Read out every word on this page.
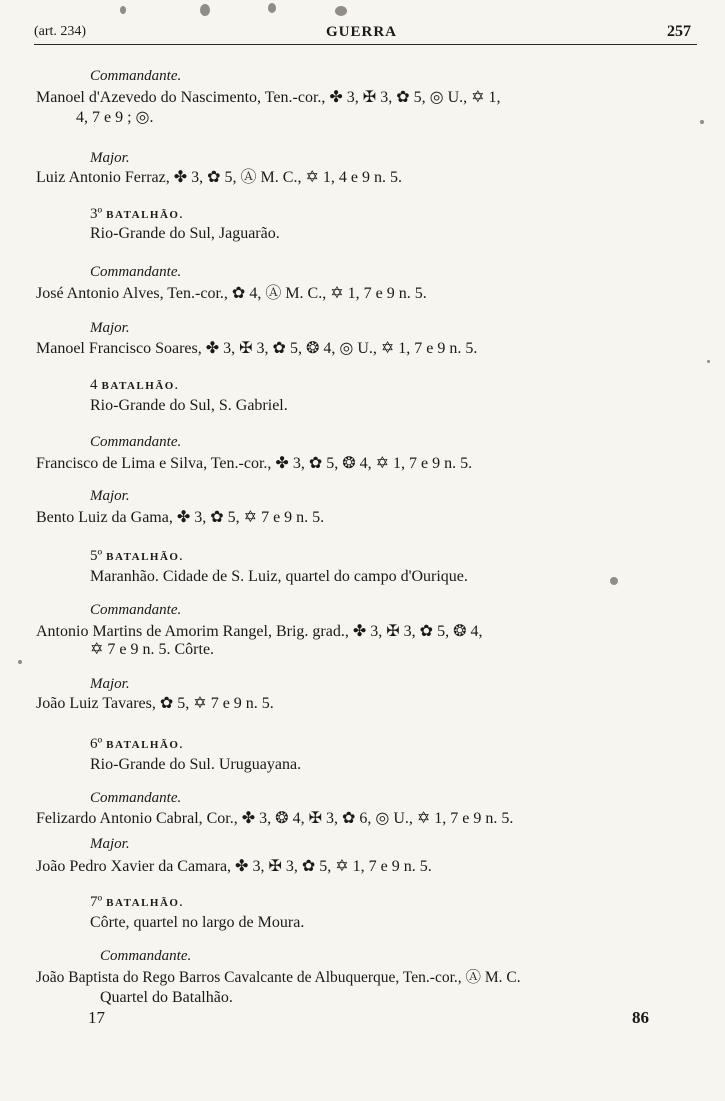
(art. 234)	GUERRA	257
Commandante.
Manoel d'Azevedo do Nascimento, Ten.-cor., ✤ 3, ✠ 3, ✿ 5, ◎ U., ✡ 1,
4, 7 e 9 ; ◎.
Major.
Luiz Antonio Ferraz, ✤ 3, ✿ 5, Ⓐ M. C., ✡ 1, 4 e 9 n. 5.
3º BATALHÃO.
Rio-Grande do Sul, Jaguarão.
Commandante.
José Antonio Alves, Ten.-cor., ✿ 4, Ⓐ M. C., ✡ 1, 7 e 9 n. 5.
Major.
Manoel Francisco Soares, ✤ 3, ✠ 3, ✿ 5, ❂ 4, ◎ U., ✡ 1, 7 e 9 n. 5.
4 BATALHÃO.
Rio-Grande do Sul, S. Gabriel.
Commandante.
Francisco de Lima e Silva, Ten.-cor., ✤ 3, ✿ 5, ❂ 4, ✡ 1, 7 e 9 n. 5.
Major.
Bento Luiz da Gama, ✤ 3, ✿ 5, ✡ 7 e 9 n. 5.
5º BATALHÃO.
Maranhão. Cidade de S. Luiz, quartel do campo d'Ourique.
Commandante.
Antonio Martins de Amorim Rangel, Brig. grad., ✤ 3, ✠ 3, ✿ 5, ❂ 4,
✡ 7 e 9 n. 5. Côrte.
Major.
João Luiz Tavares, ✿ 5, ✡ 7 e 9 n. 5.
6º BATALHÃO.
Rio-Grande do Sul. Uruguayana.
Commandante.
Felizardo Antonio Cabral, Cor., ✤ 3, ❂ 4, ✠ 3, ✿ 6, ◎ U., ✡ 1, 7 e 9 n. 5.
Major.
João Pedro Xavier da Camara, ✤ 3, ✠ 3, ✿ 5, ✡ 1, 7 e 9 n. 5.
7º BATALHÃO.
Côrte, quartel no largo de Moura.
Commandante.
João Baptista do Rego Barros Cavalcante de Albuquerque, Ten.-cor., Ⓐ M. C.
Quartel do Batalhão.
17	86
